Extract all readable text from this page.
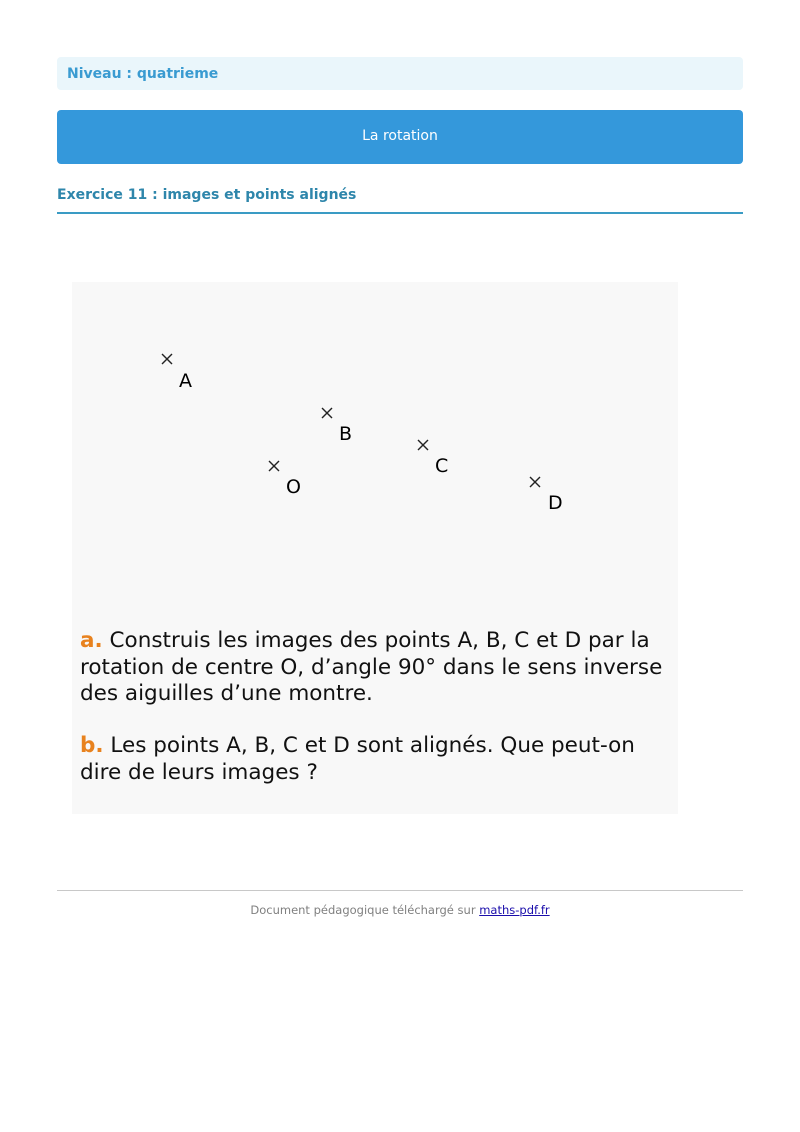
Niveau : quatrieme
La rotation
Exercice 11 : images et points alignés
A
B
O
C
D
a. Construis les images des points A, B, C et D par la rotation de centre O, d’angle 90° dans le sens inverse des aiguilles d’une montre.
b. Les points A, B, C et D sont alignés. Que peut-on dire de leurs images ?
Document pédagogique téléchargé sur maths-pdf.fr
